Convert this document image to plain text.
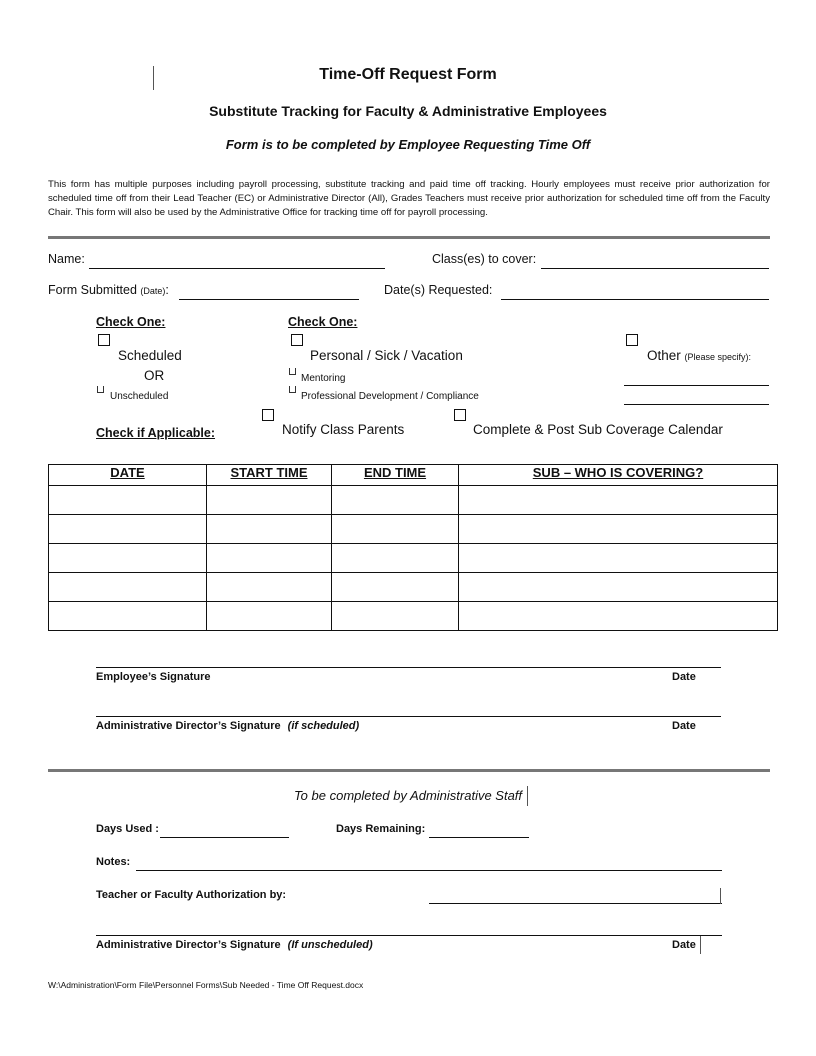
Time-Off Request Form
Substitute Tracking for Faculty & Administrative Employees
Form is to be completed by Employee Requesting Time Off
This form has multiple purposes including payroll processing, substitute tracking and paid time off tracking. Hourly employees must receive prior authorization for scheduled time off from their Lead Teacher (EC) or Administrative Director (All), Grades Teachers must receive prior authorization for scheduled time off from the Faculty Chair. This form will also be used by the Administrative Office for tracking time off for payroll processing.
Name:	Class(es) to cover:
Form Submitted (Date):	Date(s) Requested:
Check One:
Scheduled
OR
Unscheduled
Check One:
Personal / Sick / Vacation
Mentoring
Professional Development / Compliance
Other (Please specify):
Check if Applicable:	Notify Class Parents	Complete & Post Sub Coverage Calendar
DATE	START TIME	END TIME	SUB – WHO IS COVERING?

Employee’s Signature	Date
Administrative Director’s Signature (if scheduled)	Date
To be completed by Administrative Staff
Days Used :	Days Remaining:
Notes:
Teacher or Faculty Authorization by:
Administrative Director’s Signature (If unscheduled)	Date
W:\Administration\Form File\Personnel Forms\Sub Needed - Time Off Request.docx
